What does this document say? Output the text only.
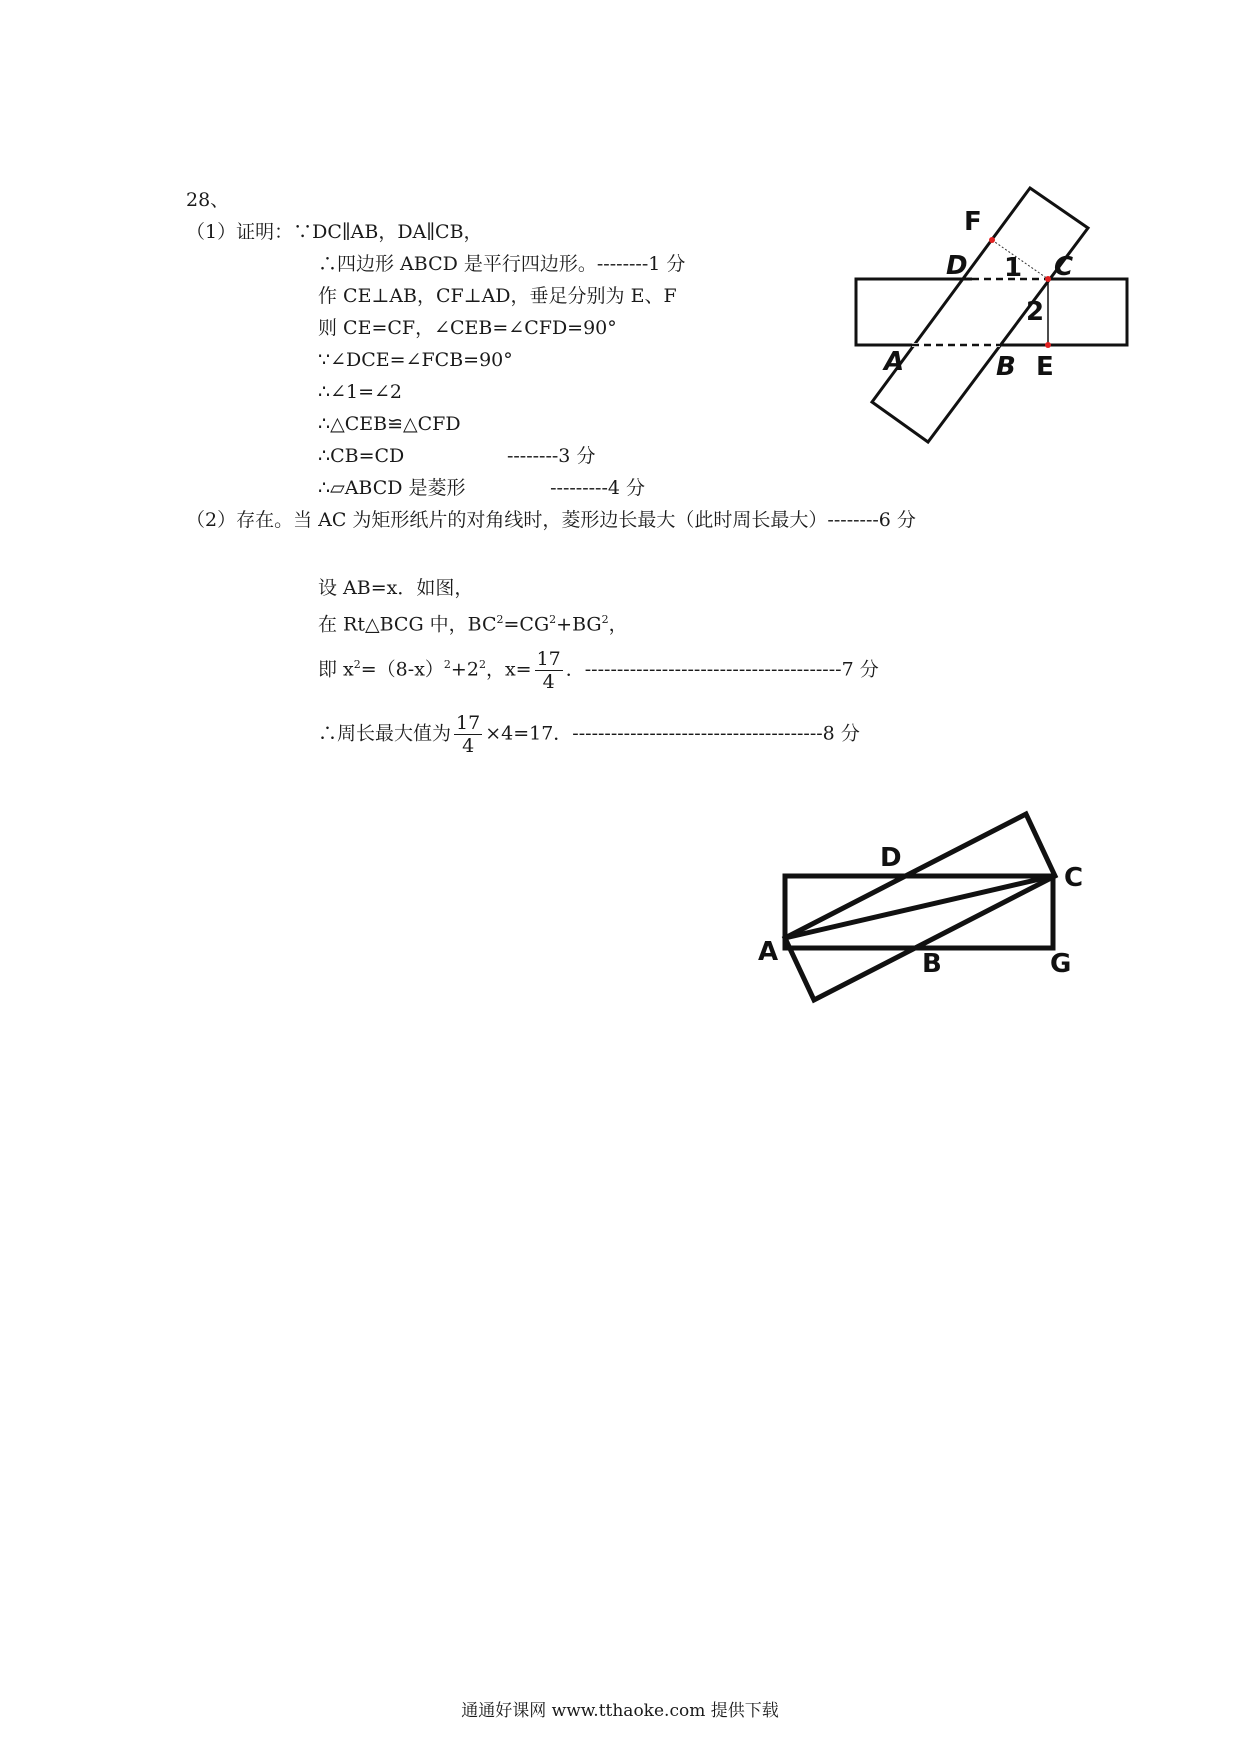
28、
（1）证明：∵DC∥AB，DA∥CB，
∴四边形 ABCD 是平行四边形。--------1 分
作 CE⊥AB，CF⊥AD，垂足分别为 E、F
则 CE=CF，∠CEB=∠CFD=90°
∵∠DCE=∠FCB=90°
∴∠1=∠2
∴△CEB≌△CFD
∴CB=CD                 --------3 分
∴▱ABCD 是菱形              ---------4 分
（2）存在。当 AC 为矩形纸片的对角线时，菱形边长最大（此时周长最大）--------6 分
设 AB=x．如图，
在 Rt△BCG 中，$BC^2=CG^2+BG^2$，
即 $x^2=(8-x)^2+2^2$，$x= \frac{17}{4}$ ．----------------------------------------7 分
∴周长最大值为 $\frac{17}{4} \times 4=17$．---------------------------------------8 分
F
D 1 C
2
A	B E
D
C
A	B	G
通通好课网 www.tthaoke.com 提供下载
